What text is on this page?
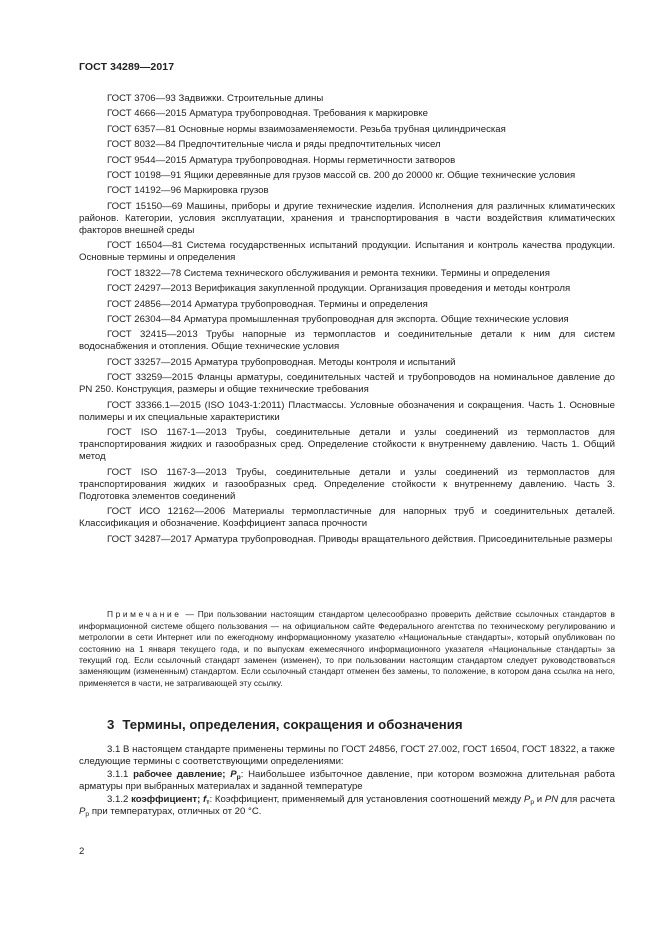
ГОСТ 34289—2017

ГОСТ 3706—93 Задвижки. Строительные длины

ГОСТ 4666—2015 Арматура трубопроводная. Требования к маркировке

ГОСТ 6357—81 Основные нормы взаимозаменяемости. Резьба трубная цилиндрическая

ГОСТ 8032—84 Предпочтительные числа и ряды предпочтительных чисел

ГОСТ 9544—2015 Арматура трубопроводная. Нормы герметичности затворов

ГОСТ 10198—91 Ящики деревянные для грузов массой св. 200 до 20000 кг. Общие технические условия

ГОСТ 14192—96 Маркировка грузов

ГОСТ 15150—69 Машины, приборы и другие технические изделия. Исполнения для различных климатических районов. Категории, условия эксплуатации, хранения и транспортирования в части воздействия климатических факторов внешней среды

ГОСТ 16504—81 Система государственных испытаний продукции. Испытания и контроль качества продукции. Основные термины и определения

ГОСТ 18322—78 Система технического обслуживания и ремонта техники. Термины и определения

ГОСТ 24297—2013 Верификация закупленной продукции. Организация проведения и методы контроля

ГОСТ 24856—2014 Арматура трубопроводная. Термины и определения

ГОСТ 26304—84 Арматура промышленная трубопроводная для экспорта. Общие технические условия

ГОСТ 32415—2013 Трубы напорные из термопластов и соединительные детали к ним для систем водоснабжения и отопления. Общие технические условия

ГОСТ 33257—2015 Арматура трубопроводная. Методы контроля и испытаний

ГОСТ 33259—2015 Фланцы арматуры, соединительных частей и трубопроводов на номинальное давление до PN 250. Конструкция, размеры и общие технические требования

ГОСТ 33366.1—2015 (ISO 1043-1:2011) Пластмассы. Условные обозначения и сокращения. Часть 1. Основные полимеры и их специальные характеристики

ГОСТ ISO 1167-1—2013 Трубы, соединительные детали и узлы соединений из термопластов для транспортирования жидких и газообразных сред. Определение стойкости к внутреннему давлению. Часть 1. Общий метод

ГОСТ ISO 1167-3—2013 Трубы, соединительные детали и узлы соединений из термопластов для транспортирования жидких и газообразных сред. Определение стойкости к внутреннему давлению. Часть 3. Подготовка элементов соединений

ГОСТ ИСО 12162—2006 Материалы термопластичные для напорных труб и соединительных деталей. Классификация и обозначение. Коэффициент запаса прочности

ГОСТ 34287—2017 Арматура трубопроводная. Приводы вращательного действия. Присоединительные размеры

Примечание — При пользовании настоящим стандартом целесообразно проверить действие ссылочных стандартов в информационной системе общего пользования — на официальном сайте Федерального агентства по техническому регулированию и метрологии в сети Интернет или по ежегодному информационному указателю «Национальные стандарты», который опубликован по состоянию на 1 января текущего года, и по выпускам ежемесячного информационного указателя «Национальные стандарты» за текущий год. Если ссылочный стандарт заменен (изменен), то при пользовании настоящим стандартом следует руководствоваться заменяющим (измененным) стандартом. Если ссылочный стандарт отменен без замены, то положение, в котором дана ссылка на него, применяется в части, не затрагивающей эту ссылку.

3 Термины, определения, сокращения и обозначения

3.1 В настоящем стандарте применены термины по ГОСТ 24856, ГОСТ 27.002, ГОСТ 16504, ГОСТ 18322, а также следующие термины с соответствующими определениями:

3.1.1 рабочее давление; $P_р$: Наибольшее избыточное давление, при котором возможна длительная работа арматуры при выбранных материалах и заданной температуре

3.1.2 коэффициент; $f_т$: Коэффициент, применяемый для установления соотношений между $P_р$ и PN для расчета $P_р$ при температурах, отличных от 20 °С.

2
